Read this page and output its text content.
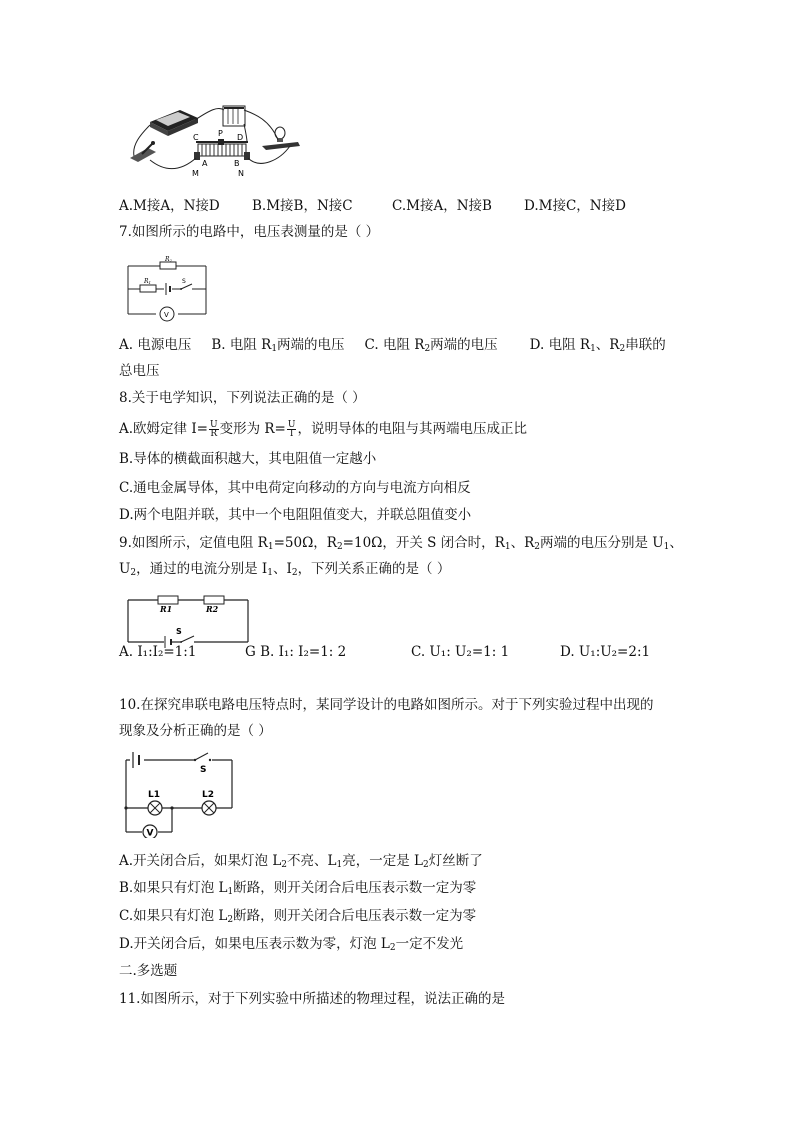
C P D
A	B
M	N
A.M接A，N接D B.M接B，N接C	C.M接A，N接B D.M接C，N接D
7.如图所示的电路中，电压表测量的是（ ）
R2
R1	S
V
A. 电源电压 B. 电阻 $R_1$两端的电压 C. 电阻 $R_2$两端的电压 D. 电阻 $R_1$、$R_2$串联的
总电压
8.关于电学知识，下列说法正确的是（ ）
A.欧姆定律 $I= \frac{U}{R}$ 变形为 $R= \frac{U}{I}$ ，说明导体的电阻与其两端电压成正比
B.导体的横截面积越大，其电阻值一定越小
C.通电金属导体，其中电荷定向移动的方向与电流方向相反
D.两个电阻并联，其中一个电阻阻值变大，并联总阻值变小
9.如图所示，定值电阻 $R_1=50\Omega$，$R_2=10\Omega$，开关 S 闭合时，$R_1$、$R_2$两端的电压分别是 $U_1$、
$U_2$，通过的电流分别是 $I_1$、$I_2$，下列关系正确的是（ ）
R1	R2
S
A. I₁:I₂=1:1	G B. I₁: I₂=1: 2	C. U₁: U₂=1: 1	D. U₁:U₂=2:1
10.在探究串联电路电压特点时，某同学设计的电路如图所示。对于下列实验过程中出现的
现象及分析正确的是（ ）
V
S
L1	L2
A.开关闭合后，如果灯泡 $L_2$不亮、$L_1$亮，一定是 $L_2$灯丝断了
B.如果只有灯泡 $L_1$断路，则开关闭合后电压表示数一定为零
C.如果只有灯泡 $L_2$断路，则开关闭合后电压表示数一定为零
D.开关闭合后，如果电压表示数为零，灯泡 $L_2$一定不发光
二.多选题
11.如图所示，对于下列实验中所描述的物理过程，说法正确的是
